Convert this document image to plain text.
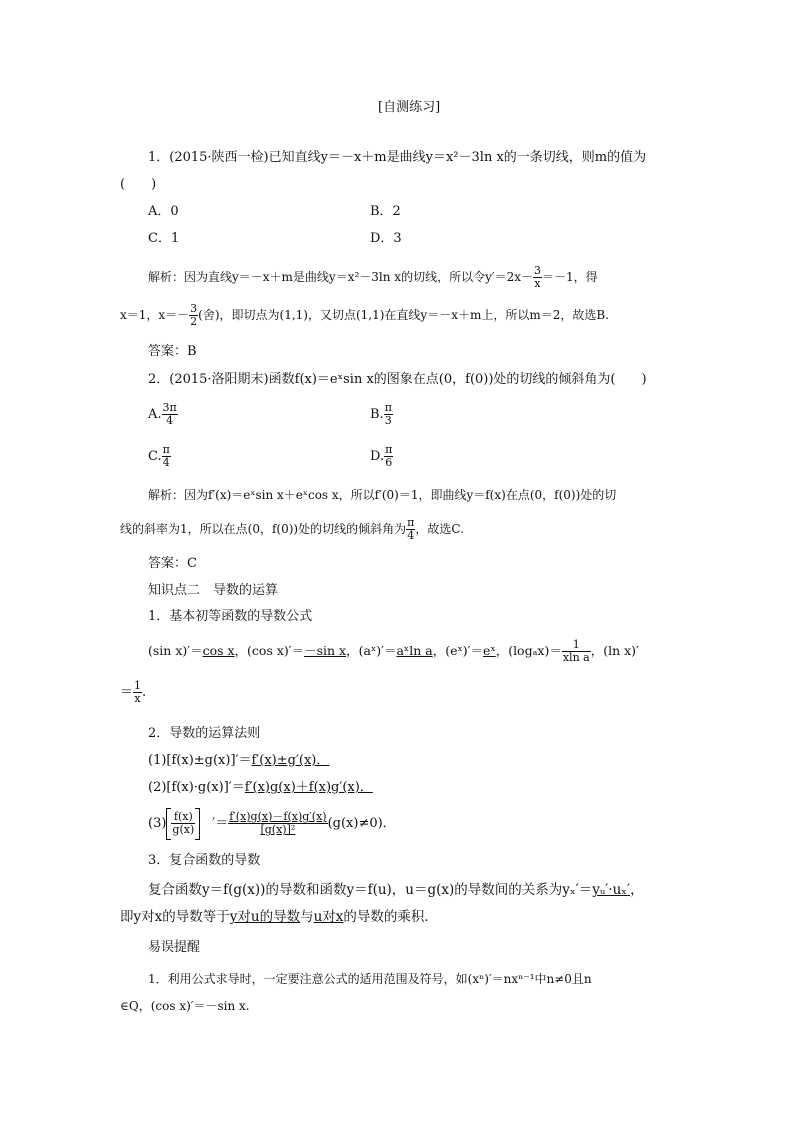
[自测练习]
1．(2015·陕西一检)已知直线y＝－x＋m是曲线y＝x²－3ln x的一条切线，则m的值为
(　　)
A．0	B．2
C．1	D．3
解析：因为直线y＝－x＋m是曲线y＝x²－3ln x的切线，所以令$y'=2x- \frac{3}{x} =-1$，得
x＝1，$x=- \frac{3}{2}$ (舍)，即切点为(1,1)，又切点(1,1)在直线y＝－x＋m上，所以m＝2，故选B.
答案：B
2．(2015·洛阳期末)函数f(x)＝eˣsin x的图象在点(0，f(0))处的切线的倾斜角为(　　)
A. $\frac{3\pi}{4}$	B. $\frac{\pi}{3}$
C. $\frac{\pi}{4}$	D. $\frac{\pi}{6}$
解析：因为f′(x)＝eˣsin x＋eˣcos x，所以f′(0)＝1，即曲线y＝f(x)在点(0，f(0))处的切
线的斜率为1，所以在点(0，f(0))处的切线的倾斜角为 $\frac{\pi}{4}$ ，故选C.
答案：C
知识点二　导数的运算
1．基本初等函数的导数公式
(sin x)′＝cos x，(cos x)′＝－sin x，(aˣ)′＝aˣln a，(eˣ)′＝eˣ，$(\log_ax)= \frac{1}{\text{xln a}}$ ，(ln x)′
＝ $\frac{1}{x}$ .
2．导数的运算法则
(1)[f(x)±g(x)]′＝f′(x)±g′(x)．
(2)[f(x)·g(x)]′＝f′(x)g(x)＋f(x)g′(x)．
$(3) \frac{f(x)}{g(x)}$ ′＝ $\frac{f'(x)g(x)-f(x)g'(x)}{\text{[g(x)]²}} (g(x)\ne 0)$．
3．复合函数的导数
复合函数y＝f(g(x))的导数和函数y＝f(u)，u＝g(x)的导数间的关系为yₓ′＝yᵤ′·uₓ′，
即y对x的导数等于y对u的导数与u对x的导数的乘积．
易误提醒
1．利用公式求导时，一定要注意公式的适用范围及符号，如(xⁿ)′＝nxⁿ⁻¹中n≠0且n
∈Q，(cos x)′＝－sin x.
